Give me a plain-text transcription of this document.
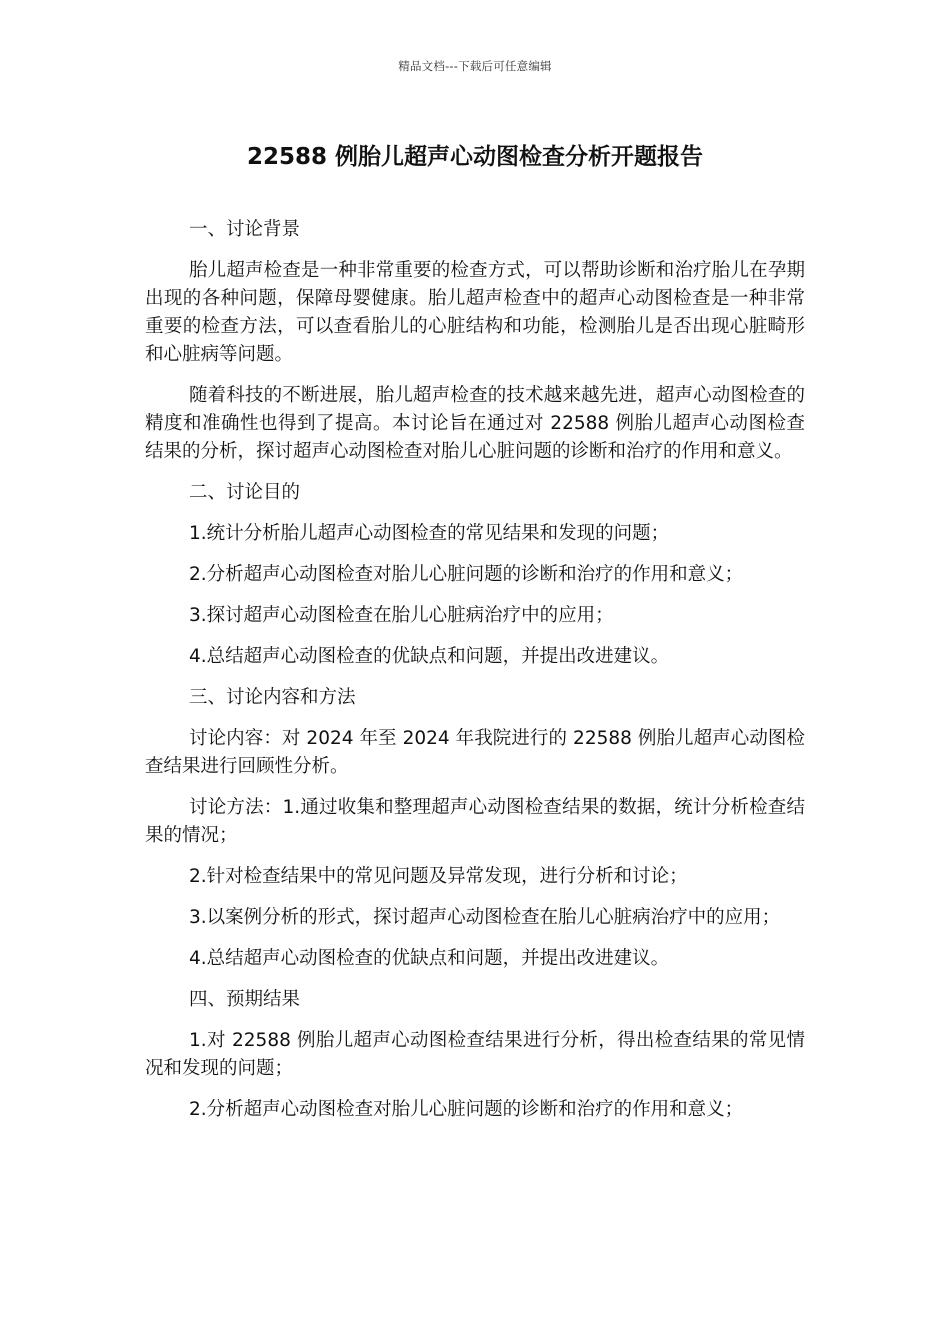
精品文档---下载后可任意编辑
22588 例胎儿超声心动图检查分析开题报告

一、讨论背景

胎儿超声检查是一种非常重要的检查方式，可以帮助诊断和治疗胎儿在孕期出现的各种问题，保障母婴健康。胎儿超声检查中的超声心动图检查是一种非常重要的检查方法，可以查看胎儿的心脏结构和功能，检测胎儿是否出现心脏畸形和心脏病等问题。

随着科技的不断进展，胎儿超声检查的技术越来越先进，超声心动图检查的精度和准确性也得到了提高。本讨论旨在通过对 22588 例胎儿超声心动图检查结果的分析，探讨超声心动图检查对胎儿心脏问题的诊断和治疗的作用和意义。

二、讨论目的

1.统计分析胎儿超声心动图检查的常见结果和发现的问题；

2.分析超声心动图检查对胎儿心脏问题的诊断和治疗的作用和意义；

3.探讨超声心动图检查在胎儿心脏病治疗中的应用；

4.总结超声心动图检查的优缺点和问题，并提出改进建议。

三、讨论内容和方法

讨论内容：对 2024 年至 2024 年我院进行的 22588 例胎儿超声心动图检查结果进行回顾性分析。

讨论方法：1.通过收集和整理超声心动图检查结果的数据，统计分析检查结果的情况；

2.针对检查结果中的常见问题及异常发现，进行分析和讨论；

3.以案例分析的形式，探讨超声心动图检查在胎儿心脏病治疗中的应用；

4.总结超声心动图检查的优缺点和问题，并提出改进建议。

四、预期结果

1.对 22588 例胎儿超声心动图检查结果进行分析，得出检查结果的常见情况和发现的问题；

2.分析超声心动图检查对胎儿心脏问题的诊断和治疗的作用和意义；
